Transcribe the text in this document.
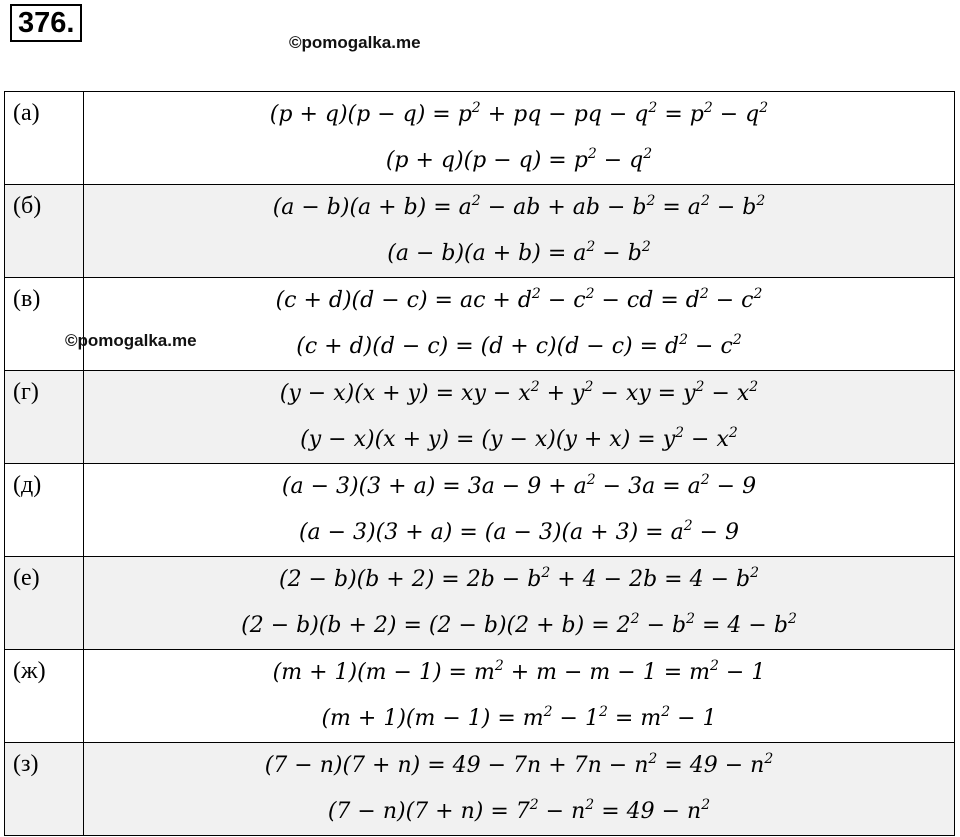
376.
©pomogalka.me
(а)	$(p + q)(p - q) = p^2$ + pq − pq − $q^2 = p^2 - q^2$
$(p + q)(p - q) = p^2 - q^2$

(б)	$(a - b)(a + b) = a^2$ − ab + ab − $b^2 = a^2 - b^2$
$(a - b)(a + b) = a^2 - b^2$

(в)	(c + d)(d − c) = ac + $d^2 - c^2$ − cd = $d^2 - c^2$
$(c + d)(d - c) = (d + c)(d - c) = d^2 - c^2$

(г)	(y − x)(x + y) = xy − $x^2 + y^2$ − xy = $y^2 - x^2$
$(y - x)(x + y) = (y - x)(y + x) = y^2 - x^2$

(д)	$(a - 3)(3 + a) = 3a - 9 + a^2 - 3a = a^2 - 9$
$(a - 3)(3 + a) = (a - 3)(a + 3) = a^2 - 9$

(е)	$(2 - b)(b + 2) = 2b - b^2 + 4 - 2b = 4 - b^2$
$(2 - b)(b + 2) = (2 - b)(2 + b) = 2^2 - b^2 = 4 - b^2$

(ж)	$(m + 1)(m - 1) = m^2 + m - m - 1 = m^2 - 1$
$(m + 1)(m - 1) = m^2 - 1^2 = m^2 - 1$

(з)	$(7 - n)(7 + n) = 49 - 7n + 7n - n^2 = 49 - n^2$
$(7 - n)(7 + n) = 7^2 - n^2 = 49 - n^2$
©pomogalka.me
